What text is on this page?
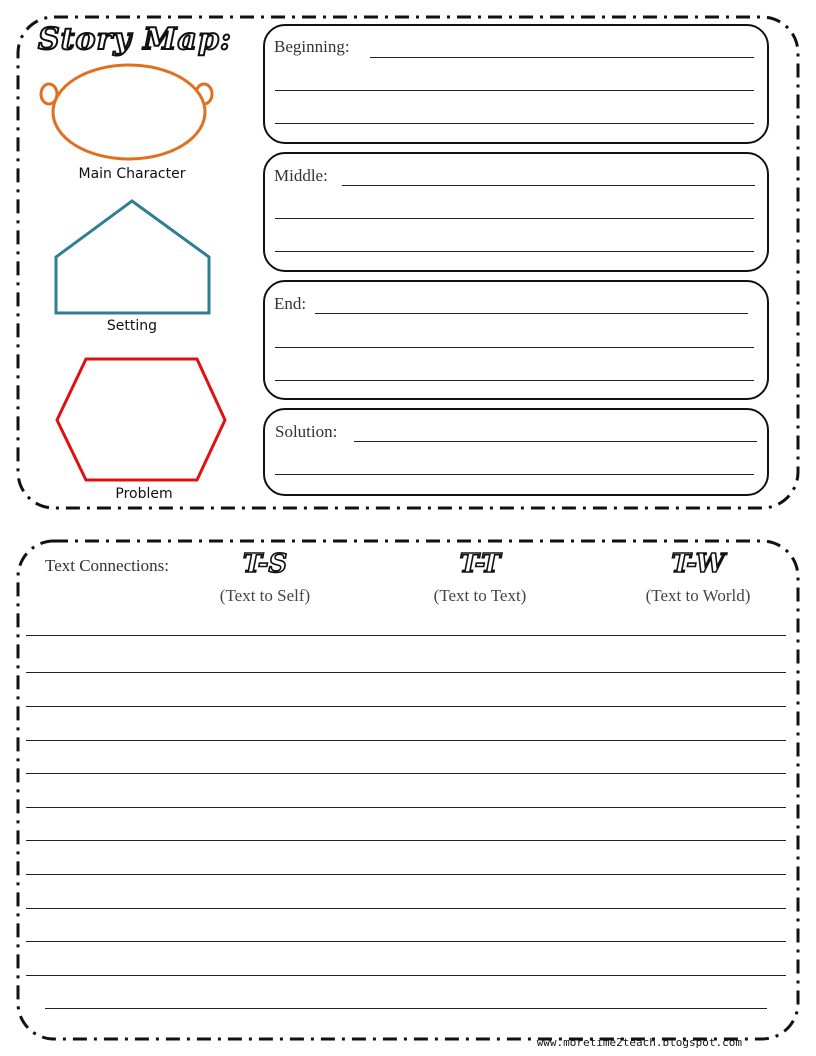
Story Map:
Main Character
Setting
Problem
Beginning:
Middle:
End:
Solution:
Text Connections:	T-S
(Text to Self)
T-T
(Text to Text)
T-W
(Text to World)
www.moretime2teach.blogspot.com
